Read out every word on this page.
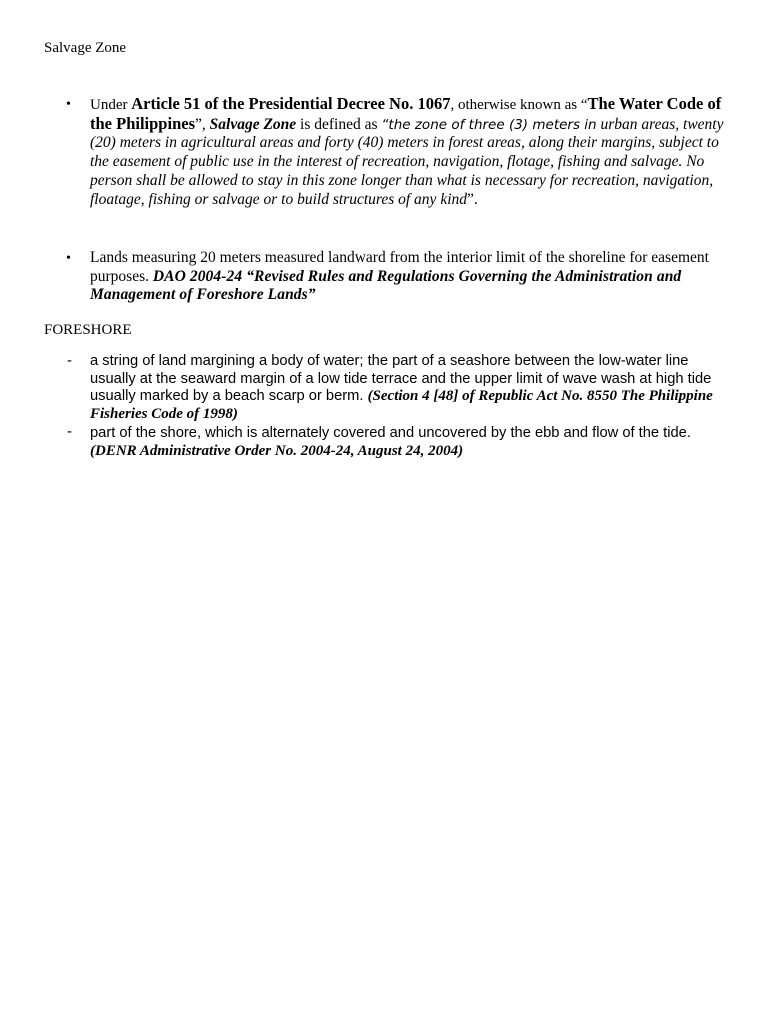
Salvage Zone
• Under Article 51 of the Presidential Decree No. 1067, otherwise known as “The Water Code of the Philippines”, Salvage Zone is defined as “the zone of three (3) meters in urban areas, twenty (20) meters in agricultural areas and forty (40) meters in forest areas, along their margins, subject to the easement of public use in the interest of recreation, navigation, flotage, fishing and salvage. No person shall be allowed to stay in this zone longer than what is necessary for recreation, navigation, floatage, fishing or salvage or to build structures of any kind”.
• Lands measuring 20 meters measured landward from the interior limit of the shoreline for easement purposes. DAO 2004-24 “Revised Rules and Regulations Governing the Administration and Management of Foreshore Lands”
FORESHORE
- a string of land margining a body of water; the part of a seashore between the low-water line usually at the seaward margin of a low tide terrace and the upper limit of wave wash at high tide usually marked by a beach scarp or berm. (Section 4 [48] of Republic Act No. 8550 The Philippine Fisheries Code of 1998)
- part of the shore, which is alternately covered and uncovered by the ebb and flow of the tide.
(DENR Administrative Order No. 2004-24, August 24, 2004)
